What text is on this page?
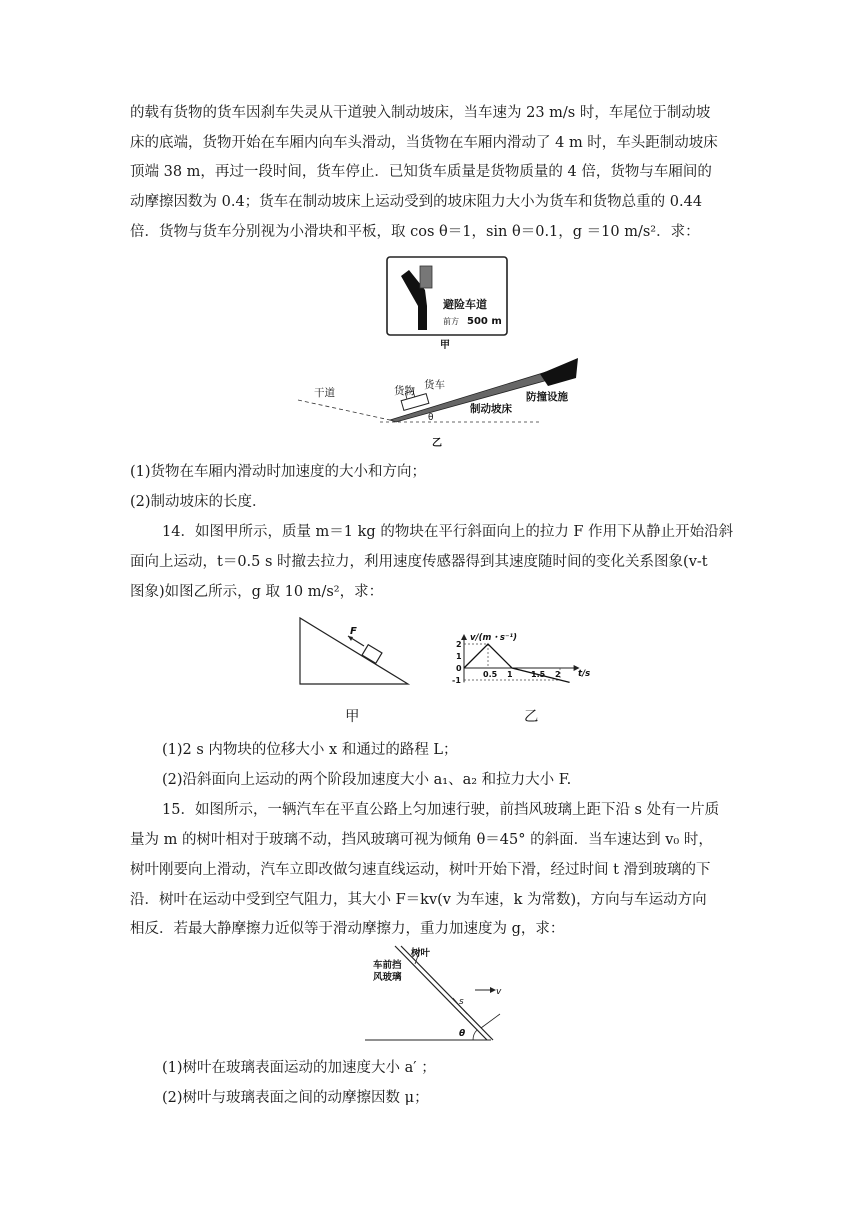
的载有货物的货车因刹车失灵从干道驶入制动坡床，当车速为 23 m/s 时，车尾位于制动坡
床的底端，货物开始在车厢内向车头滑动，当货物在车厢内滑动了 4 m 时，车头距制动坡床
顶端 38 m，再过一段时间，货车停止．已知货车质量是货物质量的 4 倍，货物与车厢间的
动摩擦因数为 0.4；货车在制动坡床上运动受到的坡床阻力大小为货车和货物总重的 0.44
倍．货物与货车分别视为小滑块和平板，取 cos θ＝1，sin θ＝0.1，g ＝10 m/s²．求：
避险车道
前方 500 m
甲
干道	货物 货车
制动坡床
防撞设施
θ
乙
(1)货物在车厢内滑动时加速度的大小和方向；
(2)制动坡床的长度．
14．如图甲所示，质量 m＝1 kg 的物块在平行斜面向上的拉力 F 作用下从静止开始沿斜
面向上运动，t＝0.5 s 时撤去拉力，利用速度传感器得到其速度随时间的变化关系图象(v-t
图象)如图乙所示，g 取 10 m/s²，求：
F
0.5 1 1.5 2
2
1
0
-1
v/(m・s⁻¹)
t/s
甲	乙
(1)2 s 内物块的位移大小 x 和通过的路程 L；
(2)沿斜面向上运动的两个阶段加速度大小 a₁、a₂ 和拉力大小 F.
15．如图所示，一辆汽车在平直公路上匀加速行驶，前挡风玻璃上距下沿 s 处有一片质
量为 m 的树叶相对于玻璃不动，挡风玻璃可视为倾角 θ＝45° 的斜面．当车速达到 v₀ 时，
树叶刚要向上滑动，汽车立即改做匀速直线运动，树叶开始下滑，经过时间 t 滑到玻璃的下
沿．树叶在运动中受到空气阻力，其大小 F＝kv(v 为车速，k 为常数)，方向与车运动方向
相反．若最大静摩擦力近似等于滑动摩擦力，重力加速度为 g，求：
树叶
车前挡
风玻璃
v
s
θ
(1)树叶在玻璃表面运动的加速度大小 a′ ；
(2)树叶与玻璃表面之间的动摩擦因数 μ；
